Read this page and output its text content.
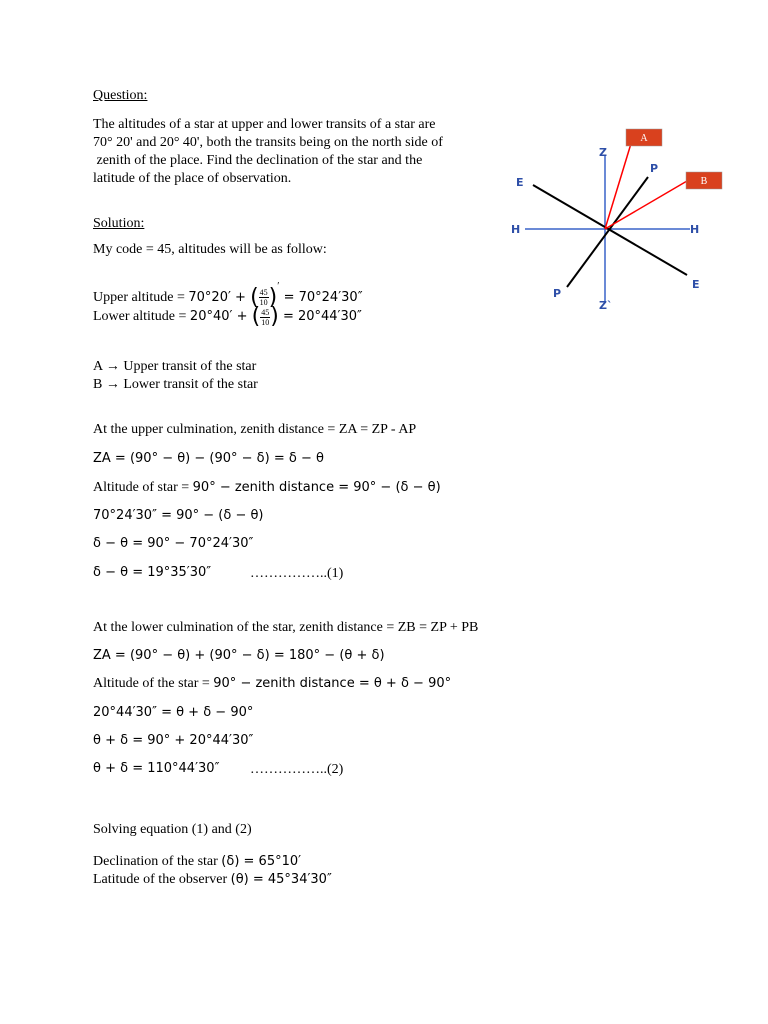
Question:
The altitudes of a star at upper and lower transits of a star are
70° 20' and 20° 40', both the transits being on the north side of
zenith of the place. Find the declination of the star and the
latitude of the place of observation.
Solution:
My code = 45, altitudes will be as follow:
Upper altitude = 70°20′ + ( $\frac{45}{10} )' = 70^\circ 24'30''$
Lower altitude = 20°40′ + ( $\frac{45}{10}$ ) = 20°44′30″
A → Upper transit of the star
B → Lower transit of the star
At the upper culmination, zenith distance = ZA = ZP - AP
ZA = (90° − θ) − (90° − δ) = δ − θ
Altitude of star = 90° − zenith distance = 90° − (δ − θ)
70°24′30″ = 90° − (δ − θ)
δ − θ = 90° − 70°24′30″
δ − θ = 19°35′30″	……………..(1)
At the lower culmination of the star, zenith distance = ZB = ZP + PB
ZA = (90° − θ) + (90° − δ) = 180° − (θ + δ)
Altitude of the star = 90° − zenith distance = θ + δ − 90°
20°44′30″ = θ + δ − 90°
θ + δ = 90° + 20°44′30″
θ + δ = 110°44′30″ ……………..(2)
Solving equation (1) and (2)
Declination of the star (δ) = 65°10′
Latitude of the observer (θ) = 45°34′30″
A
B
Z
Z`
H	H
E
E
P
P
